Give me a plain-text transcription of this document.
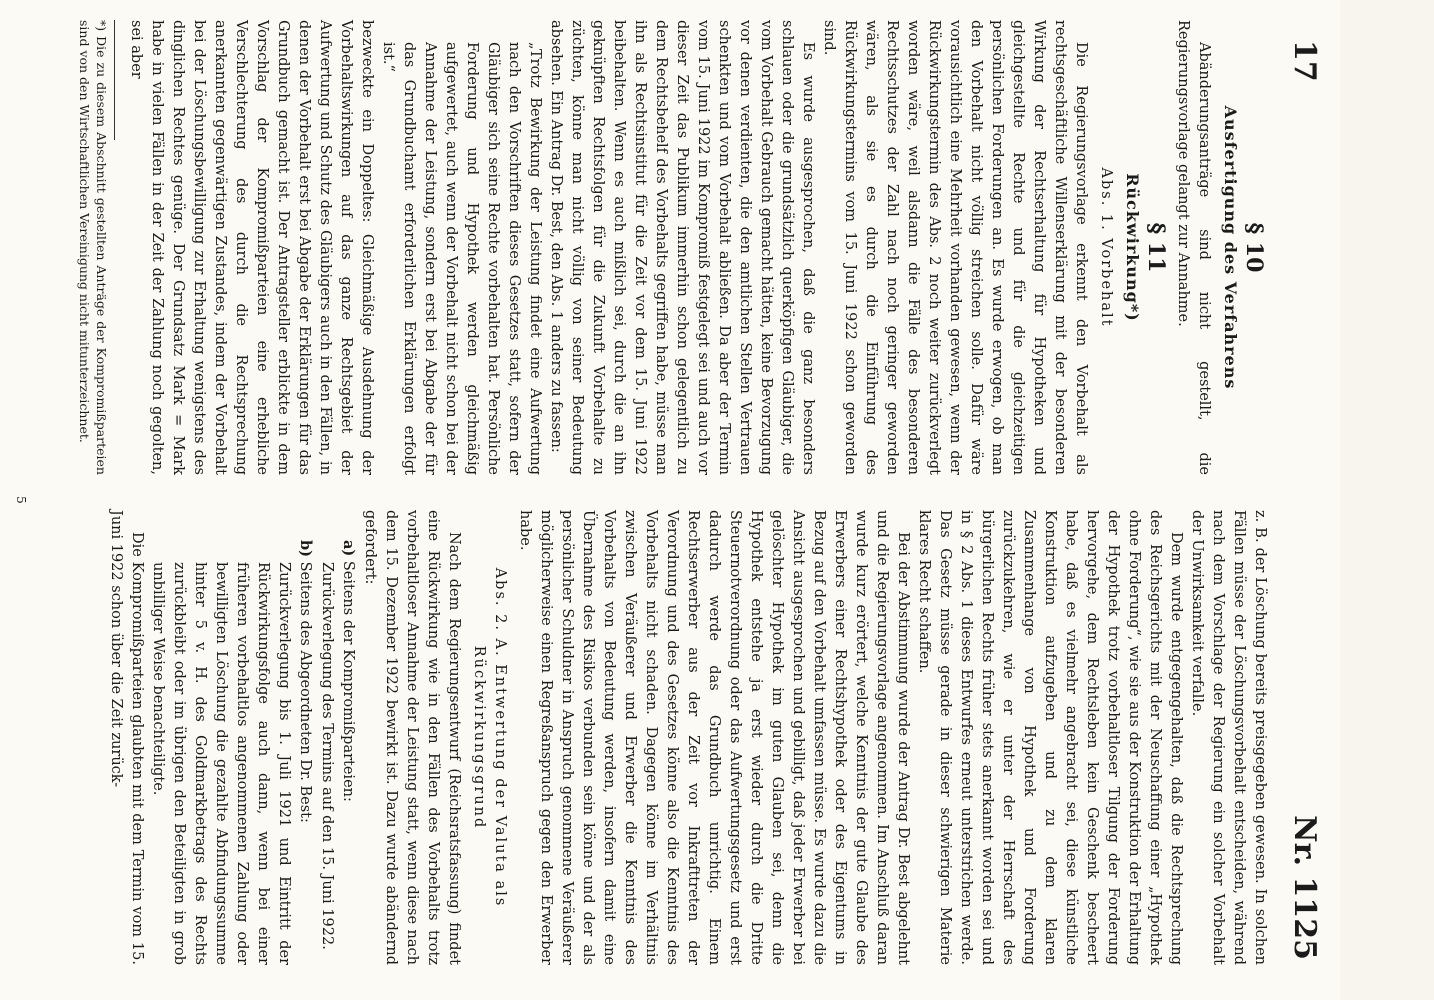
17
Nr. 1125
§ 10
Ausfertigung des Verfahrens

Abänderungsanträge sind nicht gestellt, die Regierungsvorlage gelangt zur Annahme.

§ 11
Rückwirkung*)
Abs. 1. Vorbehalt

Die Regierungsvorlage erkennt den Vorbehalt als rechtsgeschäftliche Willenserklärung mit der besonderen Wirkung der Rechtserhaltung für Hypotheken und gleichgestellte Rechte und für die gleichzeitigen persönlichen Forderungen an. Es wurde erwogen, ob man den Vorbehalt nicht völlig streichen solle. Dafür wäre vorausichtlich eine Mehrheit vorhanden gewesen, wenn der Rückwirkungstermin des Abs. 2 noch weiter zurückverlegt worden wäre, weil alsdann die Fälle des besonderen Rechtsschutzes der Zahl nach noch geringer geworden wären, als sie es durch die Einführung des Rückwirkungstermins vom 15. Juni 1922 schon geworden sind.

Es wurde ausgesprochen, daß die ganz besonders schlauen oder die grundsätzlich querköpfigen Gläubiger, die vom Vorbehalt Gebrauch gemacht hätten, keine Bevorzugung vor denen verdienten, die den amtlichen Stellen Vertrauen schenkten und vom Vorbehalt abließen. Da aber der Termin vom 15. Juni 1922 im Kompromiß festgelegt sei und auch vor dieser Zeit das Publikum immerhin schon gelegentlich zu dem Rechtsbehelf des Vorbehalts gegriffen habe, müsse man ihn als Rechtsinstitut für die Zeit vor dem 15. Juni 1922 beibehalten. Wenn es auch mißlich sei, durch die an ihn geknüpften Rechtsfolgen für die Zukunft Vorbehalte zu züchten, könne man nicht völlig von seiner Bedeutung absehen. Ein Antrag Dr. Best, den Abs. 1 anders zu fassen:

„Trotz Bewirkung der Leistung findet eine Aufwertung nach den Vorschriften dieses Gesetzes statt, sofern der Gläubiger sich seine Rechte vorbehalten hat. Persönliche Forderung und Hypothek werden gleichmäßig aufgewertet, auch wenn der Vorbehalt nicht schon bei der Annahme der Leistung, sondern erst bei Abgabe der für das Grundbuchamt erforderlichen Erklärungen erfolgt ist.“

bezweckte ein Doppeltes: Gleichmäßige Ausdehnung der Vorbehaltswirkungen auf das ganze Rechtsgebiet der Aufwertung und Schutz des Gläubigers auch in den Fällen, in denen der Vorbehalt erst bei Abgabe der Erklärungen für das Grundbuch gemacht ist. Der Antragsteller erblickte in dem Vorschlag der Kompromißparteien eine erhebliche Verschlechterung des durch die Rechtsprechung anerkannten gegenwärtigen Zustandes, indem der Vorbehalt bei der Löschungsbewilligung zur Erhaltung wenigstens des dinglichen Rechtes genüge. Der Grundsatz Mark = Mark habe in vielen Fällen in der Zeit der Zahlung noch gegolten, sei aber

*) Die zu diesem Abschnitt gestellten Anträge der Kompromißparteien sind von den Wirtschaftlichen Vereinigung nicht mitunterzeichnet.

z. B. der Löschung bereits preisgegeben gewesen. In solchen Fällen müsse der Löschungsvorbehalt entscheiden, während nach dem Vorschlage der Regierung ein solcher Vorbehalt der Unwirksamkeit verfalle.

Dem wurde entgegengehalten, daß die Rechtsprechung des Reichsgerichts mit der Neuschaffung einer „Hypothek ohne Forderung“, wie sie aus der Konstruktion der Erhaltung der Hypothek trotz vorbehaltloser Tilgung der Forderung hervorgehe, dem Rechtsleben kein Geschenk bescheert habe, daß es vielmehr angebracht sei, diese künstliche Konstruktion aufzugeben und zu dem klaren Zusammenhange von Hypothek und Forderung zurückzukehren, wie er unter der Herrschaft des bürgerlichen Rechts früher stets anerkannt worden sei und in § 2 Abs. 1 dieses Entwurfes erneut unterstrichen werde. Das Gesetz müsse gerade in dieser schwierigen Materie klares Recht schaffen.

Bei der Abstimmung wurde der Antrag Dr. Best abgelehnt und die Regierungsvorlage angenommen. Im Anschluß daran wurde kurz erörtert, welche Kenntnis der gute Glaube des Erwerbers einer Rechtshypothek oder des Eigentums in Bezug auf den Vorbehalt umfassen müsse. Es wurde dazu die Ansicht ausgesprochen und gebilligt, daß jeder Erwerber bei gelöschter Hypothek im guten Glauben sei, denn die Hypothek entstehe ja erst wieder durch die Dritte Steuernotverordnung oder das Aufwertungsgesetz und erst dadurch werde das Grundbuch unrichtig. Einem Rechtserwerber aus der Zeit vor Inkrafttreten der Verordnung und des Gesetzes könne also die Kenntnis des Vorbehalts nicht schaden. Dagegen könne im Verhältnis zwischen Veräußerer und Erwerber die Kenntnis des Vorbehalts von Bedeutung werden, insofern damit eine Übernahme des Risikos verbunden sein könne und der als persönlicher Schuldner in Anspruch genommene Veräußerer möglicherweise einen Regreßanspruch gegen den Erwerber habe.

Abs. 2. A. Entwertung der Valuta als Rückwirkungsgrund

Nach dem Regierungsentwurf (Reichsratsfassung) findet eine Rückwirkung wie in den Fällen des Vorbehalts trotz vorbehaltloser Annahme der Leistung statt, wenn diese nach dem 15. Dezember 1922 bewirkt ist. Dazu wurde abändernd gefordert:

a) Seitens der Kompromißparteien:
Zurückverlegung des Termins auf den 15. Juni 1922.
b) Seitens des Abgeordneten Dr. Best:
Zurückverlegung bis 1. Juli 1921 und Eintritt der Rückwirkungsfolge auch dann, wenn bei einer früheren vorbehaltlos angenommenen Zahlung oder bewilligten Löschung die gezahlte Abfindungssumme hinter 5 v. H. des Goldmarkbetrags des Rechts zurückbleibt oder im übrigen den Beteiligten in grob unbilliger Weise benachteiligte.

Die Kompromißparteien glaubten mit dem Termin vom 15. Juni 1922 schon über die Zeit zurück-

5
